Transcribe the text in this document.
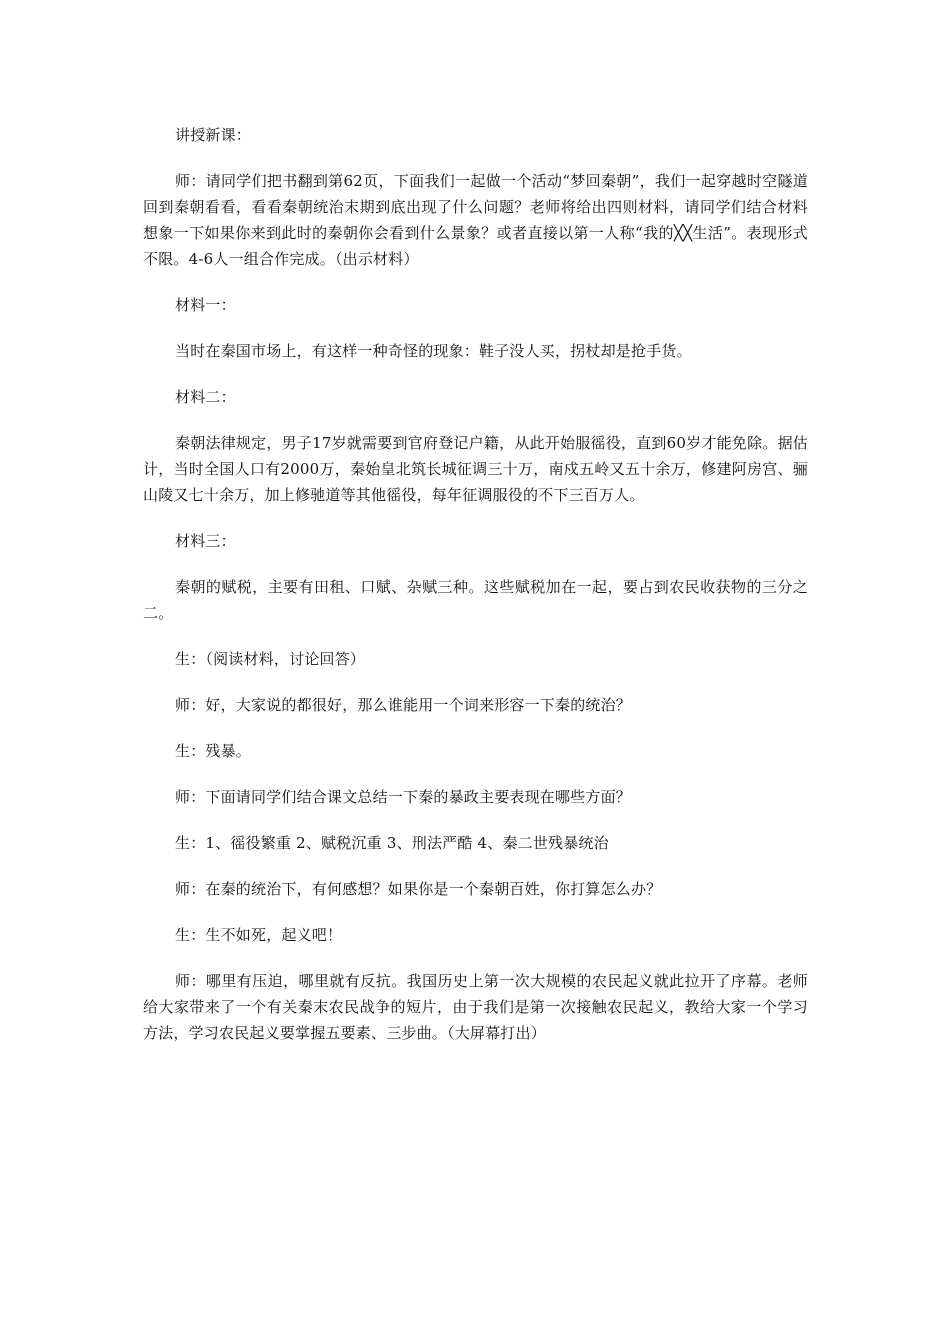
讲授新课：

师：请同学们把书翻到第62页，下面我们一起做一个活动“梦回秦朝”，我们一起穿越时空隧道回到秦朝看看，看看秦朝统治末期到底出现了什么问题？老师将给出四则材料，请同学们结合材料想象一下如果你来到此时的秦朝你会看到什么景象？或者直接以第一人称“我的╳╳生活”。表现形式不限。4-6人一组合作完成。（出示材料）

材料一：

当时在秦国市场上，有这样一种奇怪的现象：鞋子没人买，拐杖却是抢手货。

材料二：

秦朝法律规定，男子17岁就需要到官府登记户籍，从此开始服徭役，直到60岁才能免除。据估计，当时全国人口有2000万，秦始皇北筑长城征调三十万，南戍五岭又五十余万，修建阿房宫、骊山陵又七十余万，加上修驰道等其他徭役，每年征调服役的不下三百万人。

材料三：

秦朝的赋税，主要有田租、口赋、杂赋三种。这些赋税加在一起，要占到农民收获物的三分之二。

生：（阅读材料，讨论回答）

师：好，大家说的都很好，那么谁能用一个词来形容一下秦的统治？

生：残暴。

师：下面请同学们结合课文总结一下秦的暴政主要表现在哪些方面？

生：1、徭役繁重 2、赋税沉重 3、刑法严酷 4、秦二世残暴统治

师：在秦的统治下，有何感想？如果你是一个秦朝百姓，你打算怎么办？

生：生不如死，起义吧！

师：哪里有压迫，哪里就有反抗。我国历史上第一次大规模的农民起义就此拉开了序幕。老师给大家带来了一个有关秦末农民战争的短片，由于我们是第一次接触农民起义，教给大家一个学习方法，学习农民起义要掌握五要素、三步曲。（大屏幕打出）
